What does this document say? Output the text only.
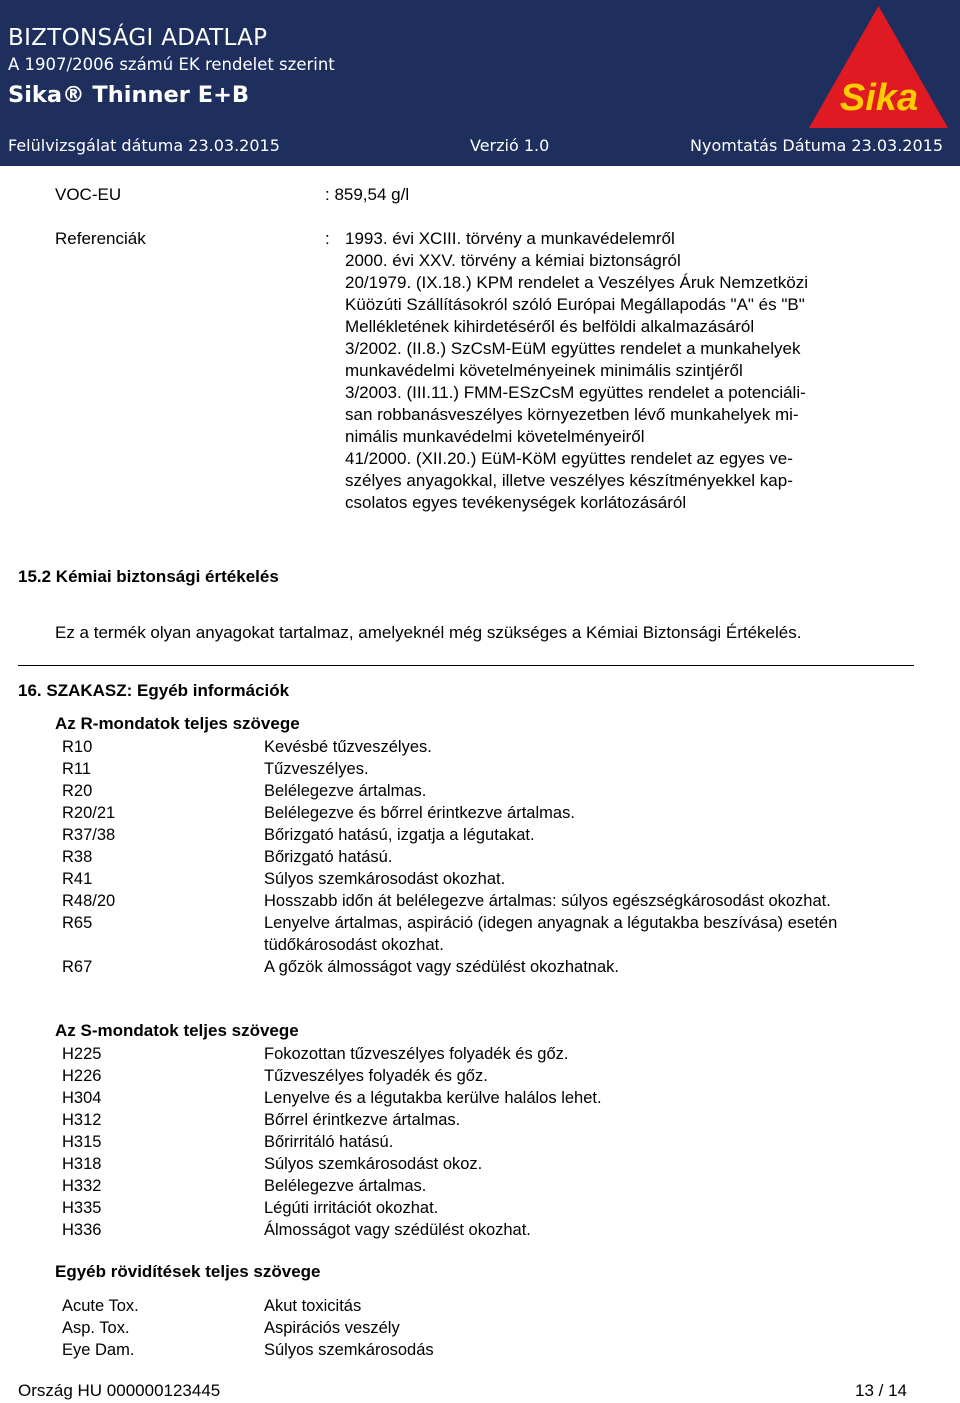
BIZTONSÁGI ADATLAP
A 1907/2006 számú EK rendelet szerint
Sika® Thinner E+B
Felülvizsgálat dátuma 23.03.2015	Verzió 1.0	Nyomtatás Dátuma 23.03.2015
Sika
VOC-EU	: 859,54 g/l
Referenciák	: 1993. évi XCIII. törvény a munkavédelemről
2000. évi XXV. törvény a kémiai biztonságról
20/1979. (IX.18.) KPM rendelet a Veszélyes Áruk Nemzetközi
Küözúti Szállításokról szóló Európai Megállapodás "A" és "B"
Mellékletének kihirdetéséről és belföldi alkalmazásáról
3/2002. (II.8.) SzCsM-EüM együttes rendelet a munkahelyek
munkavédelmi követelményeinek minimális szintjéről
3/2003. (III.11.) FMM-ESzCsM együttes rendelet a potenciáli-
san robbanásveszélyes környezetben lévő munkahelyek mi-
nimális munkavédelmi követelményeiről
41/2000. (XII.20.) EüM-KöM együttes rendelet az egyes ve-
szélyes anyagokkal, illetve veszélyes készítményekkel kap-
csolatos egyes tevékenységek korlátozásáról
15.2 Kémiai biztonsági értékelés
Ez a termék olyan anyagokat tartalmaz, amelyeknél még szükséges a Kémiai Biztonsági Értékelés.
16. SZAKASZ: Egyéb információk
Az R-mondatok teljes szövege
R10	Kevésbé tűzveszélyes.
R11	Tűzveszélyes.
R20	Belélegezve ártalmas.
R20/21	Belélegezve és bőrrel érintkezve ártalmas.
R37/38	Bőrizgató hatású, izgatja a légutakat.
R38	Bőrizgató hatású.
R41	Súlyos szemkárosodást okozhat.
R48/20	Hosszabb időn át belélegezve ártalmas: súlyos egészségkárosodást okozhat.
R65	Lenyelve ártalmas, aspiráció (idegen anyagnak a légutakba beszívása) esetén tüdőkárosodást okozhat.
R67	A gőzök álmosságot vagy szédülést okozhatnak.
Az S-mondatok teljes szövege
H225	Fokozottan tűzveszélyes folyadék és gőz.
H226	Tűzveszélyes folyadék és gőz.
H304	Lenyelve és a légutakba kerülve halálos lehet.
H312	Bőrrel érintkezve ártalmas.
H315	Bőrirritáló hatású.
H318	Súlyos szemkárosodást okoz.
H332	Belélegezve ártalmas.
H335	Légúti irritációt okozhat.
H336	Álmosságot vagy szédülést okozhat.
Egyéb rövidítések teljes szövege
Acute Tox.	Akut toxicitás
Asp. Tox.	Aspirációs veszély
Eye Dam.	Súlyos szemkárosodás
Ország HU 000000123445	13 / 14
